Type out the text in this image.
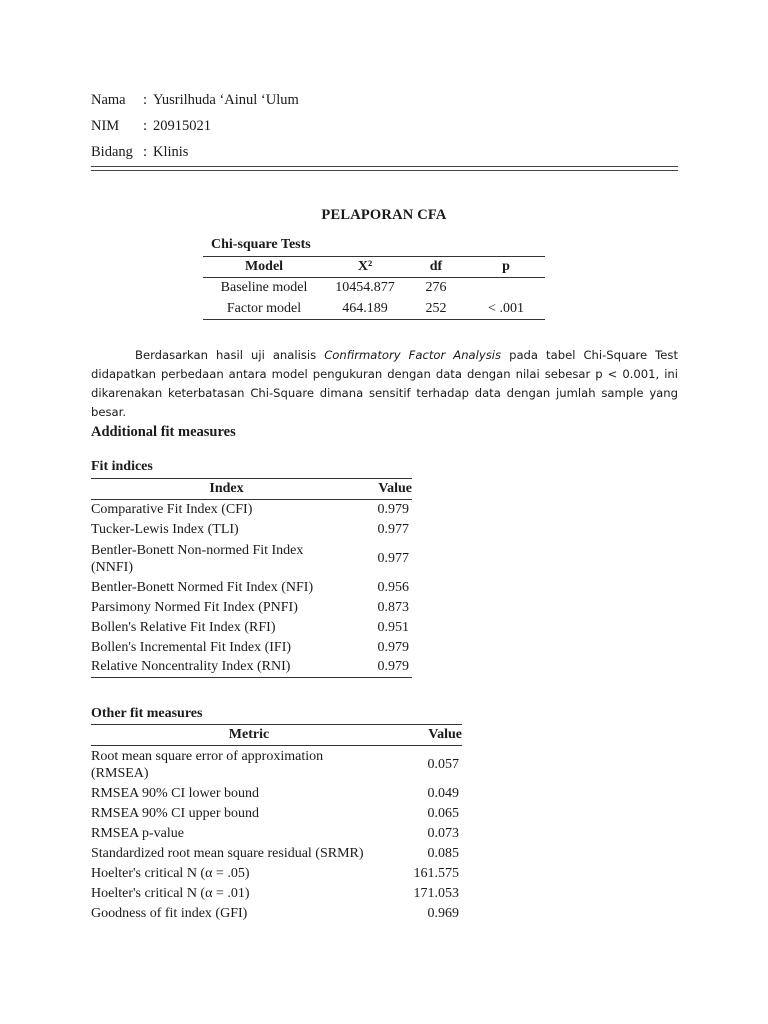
Nama	: Yusrilhuda ‘Ainul ‘Ulum
NIM	: 20915021
Bidang : Klinis
PELAPORAN CFA
Chi-square Tests
Model	X²	df	p
Baseline model	10454.877	276	
Factor model	464.189	252	< .001
Berdasarkan hasil uji analisis Confirmatory Factor Analysis pada tabel Chi-Square Test didapatkan perbedaan antara model pengukuran dengan data dengan nilai sebesar p < 0.001, ini dikarenakan keterbatasan Chi-Square dimana sensitif terhadap data dengan jumlah sample yang besar.
Additional fit measures
Fit indices
Index	Value
Comparative Fit Index (CFI)	0.979
Tucker-Lewis Index (TLI)	0.977
Bentler-Bonett Non-normed Fit Index (NNFI)	0.977
Bentler-Bonett Normed Fit Index (NFI)	0.956
Parsimony Normed Fit Index (PNFI)	0.873
Bollen's Relative Fit Index (RFI)	0.951
Bollen's Incremental Fit Index (IFI)	0.979
Relative Noncentrality Index (RNI)	0.979
Other fit measures
Metric	Value
Root mean square error of approximation (RMSEA)	0.057
RMSEA 90% CI lower bound	0.049
RMSEA 90% CI upper bound	0.065
RMSEA p-value	0.073
Standardized root mean square residual (SRMR)	0.085
Hoelter's critical N (α = .05)	161.575
Hoelter's critical N (α = .01)	171.053
Goodness of fit index (GFI)	0.969
